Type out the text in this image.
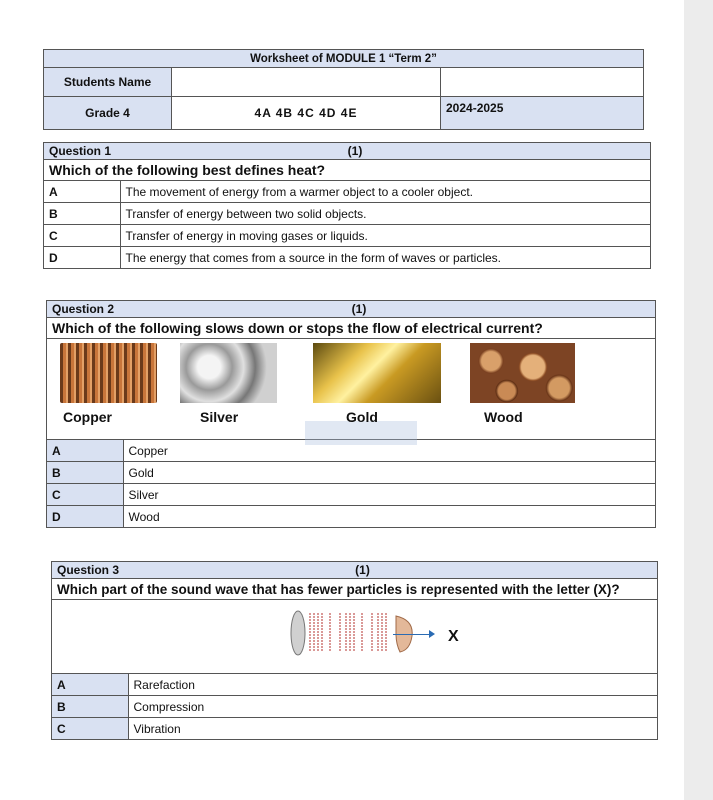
Worksheet of MODULE 1 “Term 2”		
Students Name		
Grade 4	4A 4B 4C 4D 4E	2024-2025
Question 1	(1)
Which of the following best defines heat?	
A	The movement of energy from a warmer object to a cooler object.
B	Transfer of energy between two solid objects.
C	Transfer of energy in moving gases or liquids.
D	The energy that comes from a source in the form of waves or particles.
Question 2	(1)
Which of the following slows down or stops the flow of electrical current?	

Copper Silver Gold Wood	

A	Copper
B	Gold
C	Silver
D	Wood
Question 3	(1)
Which part of the sound wave that has fewer particles is represented with the letter (X)?	

X	

A	Rarefaction
B	Compression
C	Vibration
